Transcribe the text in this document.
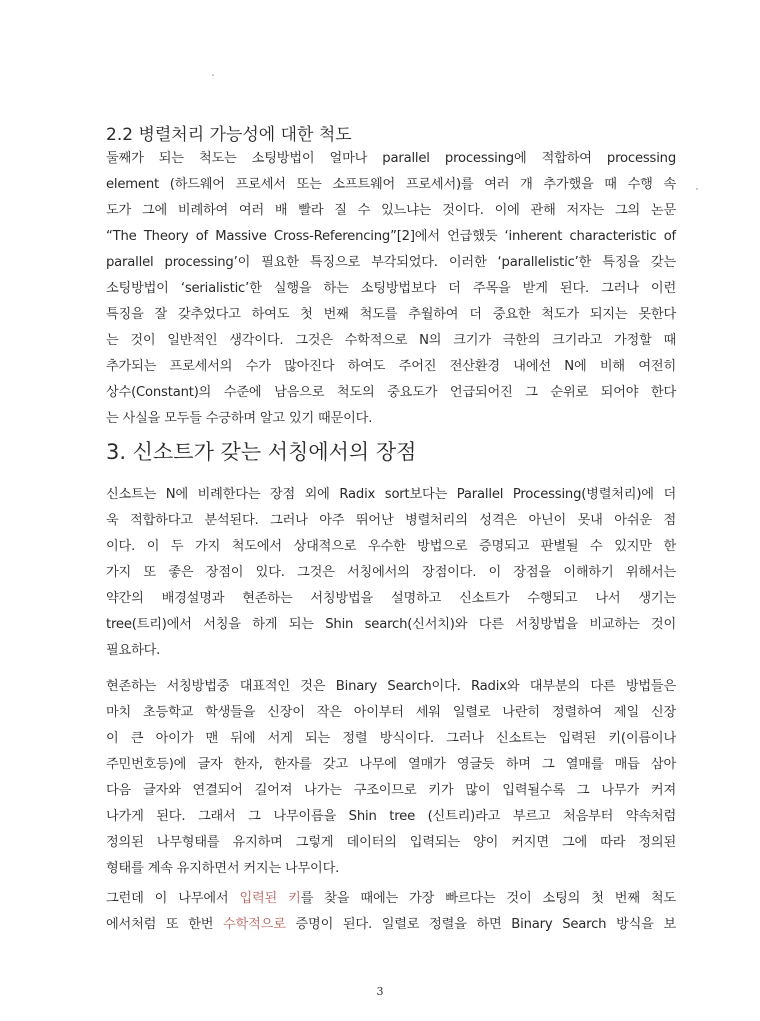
2.2 병렬처리 가능성에 대한 척도
둘째가 되는 척도는 소팅방법이 얼마나 parallel processing에 적합하여 processing
element (하드웨어 프로세서 또는 소프트웨어 프로세서)를 여러 개 추가했을 때 수행 속
도가 그에 비례하여 여러 배 빨라 질 수 있느냐는 것이다. 이에 관해 저자는 그의 논문
“The Theory of Massive Cross-Referencing”[2]에서 언급했듯 ‘inherent characteristic of
parallel processing’이 필요한 특징으로 부각되었다. 이러한 ‘parallelistic’한 특징을 갖는
소팅방법이 ‘serialistic’한 실행을 하는 소팅방법보다 더 주목을 받게 된다. 그러나 이런
특징을 잘 갖추었다고 하여도 첫 번째 척도를 추월하여 더 중요한 척도가 되지는 못한다
는 것이 일반적인 생각이다. 그것은 수학적으로 N의 크기가 극한의 크기라고 가정할 때
추가되는 프로세서의 수가 많아진다 하여도 주어진 전산환경 내에선 N에 비해 여전히
상수(Constant)의 수준에 남음으로 척도의 중요도가 언급되어진 그 순위로 되어야 한다
는 사실을 모두들 수긍하며 알고 있기 때문이다.
3. 신소트가 갖는 서칭에서의 장점
신소트는 N에 비례한다는 장점 외에 Radix sort보다는 Parallel Processing(병렬처리)에 더
욱 적합하다고 분석된다. 그러나 아주 뛰어난 병렬처리의 성격은 아닌이 못내 아쉬운 점
이다. 이 두 가지 척도에서 상대적으로 우수한 방법으로 증명되고 판별될 수 있지만 한
가지 또 좋은 장점이 있다. 그것은 서칭에서의 장점이다. 이 장점을 이해하기 위해서는
약간의 배경설명과 현존하는 서칭방법을 설명하고 신소트가 수행되고 나서 생기는
tree(트리)에서 서칭을 하게 되는 Shin search(신서치)와 다른 서칭방법을 비교하는 것이
필요하다.
현존하는 서칭방법중 대표적인 것은 Binary Search이다. Radix와 대부분의 다른 방법들은
마치 초등학교 학생들을 신장이 작은 아이부터 세워 일렬로 나란히 정렬하여 제일 신장
이 큰 아이가 맨 뒤에 서게 되는 정렬 방식이다. 그러나 신소트는 입력된 키(이름이나
주민번호등)에 글자 한자, 한자를 갖고 나무에 열매가 영글듯 하며 그 열매를 매듭 삼아
다음 글자와 연결되어 길어져 나가는 구조이므로 키가 많이 입력될수록 그 나무가 커져
나가게 된다. 그래서 그 나무이름을 Shin tree (신트리)라고 부르고 처음부터 약속처럼
정의된 나무형태를 유지하며 그렇게 데이터의 입력되는 양이 커지면 그에 따라 정의된
형태를 계속 유지하면서 커지는 나무이다.
그런데 이 나무에서 입력된 키를 찾을 때에는 가장 빠르다는 것이 소팅의 첫 번째 척도
에서처럼 또 한번 수학적으로 증명이 된다. 일렬로 정렬을 하면 Binary Search 방식을 보
3
